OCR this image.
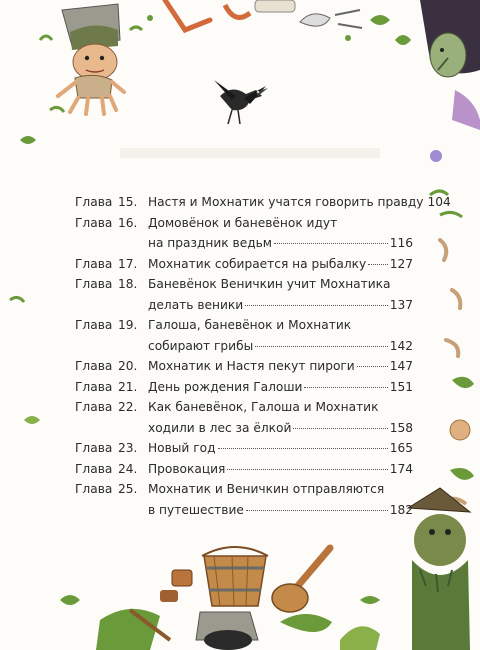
Глава 15. Настя и Мохнатик учатся говорить правду 104
Глава 16. Домовёнок и баневёнок идут
на праздник ведьм	116
Глава 17. Мохнатик собирается на рыбалку 127
Глава 18. Баневёнок Веничкин учит Мохнатика
делать веники	137
Глава 19. Галоша, баневёнок и Мохнатик
собирают грибы	142
Глава 20. Мохнатик и Настя пекут пироги	147
Глава 21. День рождения Галоши	151
Глава 22. Как баневёнок, Галоша и Мохнатик
ходили в лес за ёлкой	158
Глава 23. Новый год	165
Глава 24. Провокация	174
Глава 25. Мохнатик и Веничкин отправляются
в путешествие	182
